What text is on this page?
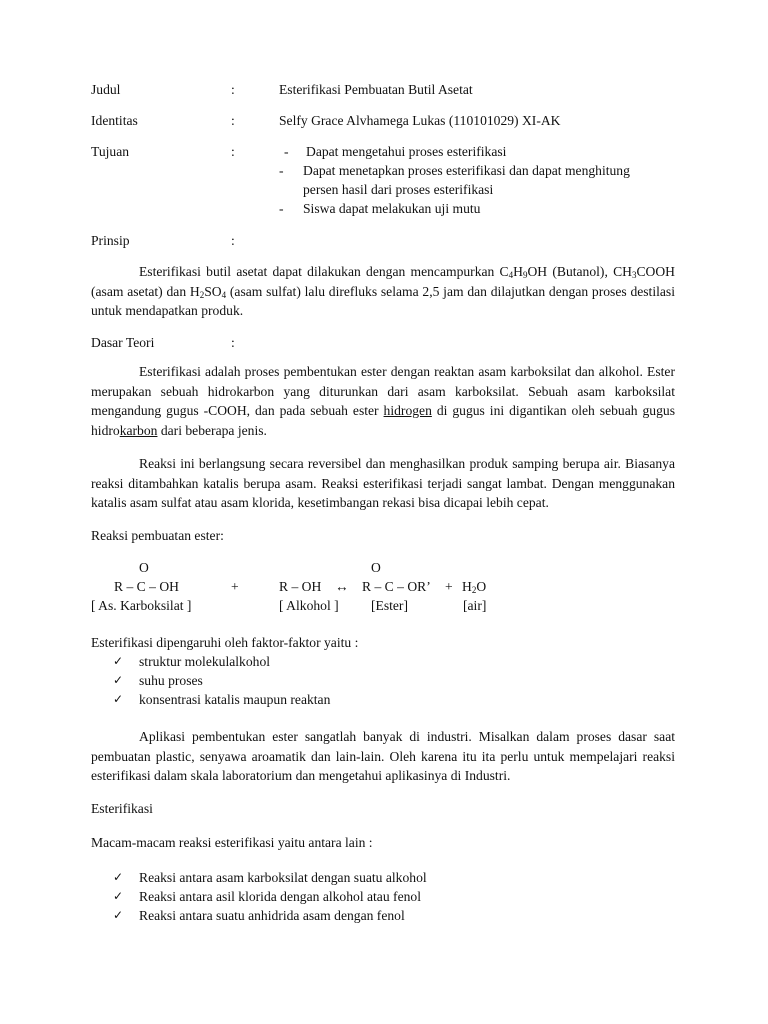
Judul	:	Esterifikasi Pembuatan Butil Asetat
Identitas	:	Selfy Grace Alvhamega Lukas (110101029) XI-AK
Tujuan	:	- Dapat mengetahui proses esterifikasi
- Dapat menetapkan proses esterifikasi dan dapat menghitung
persen hasil dari proses esterifikasi
- Siswa dapat melakukan uji mutu
Prinsip	:
Esterifikasi butil asetat dapat dilakukan dengan mencampurkan $C_4H_9OH$ (Butanol), $CH_3COOH$ (asam asetat) dan $H_2SO_4$ (asam sulfat) lalu direfluks selama 2,5 jam dan dilajutkan dengan proses destilasi untuk mendapatkan produk.
Dasar Teori	:
Esterifikasi adalah proses pembentukan ester dengan reaktan asam karboksilat dan alkohol. Ester merupakan sebuah hidrokarbon yang diturunkan dari asam karboksilat. Sebuah asam karboksilat mengandung gugus -COOH, dan pada sebuah ester hidrogen di gugus ini digantikan oleh sebuah gugus hidrokarbon dari beberapa jenis.
Reaksi ini berlangsung secara reversibel dan menghasilkan produk samping berupa air. Biasanya reaksi ditambahkan katalis berupa asam. Reaksi esterifikasi terjadi sangat lambat. Dengan menggunakan katalis asam sulfat atau asam klorida, kesetimbangan rekasi bisa dicapai lebih cepat.
Reaksi pembuatan ester:
O	O
R – C – OH	+	R – OH ↔ R – C – OR’ + $H_2O$
[ As. Karboksilat ]	[ Alkohol ] [Ester]	[air]
Esterifikasi dipengaruhi oleh faktor-faktor yaitu :
✓ struktur molekulalkohol
✓ suhu proses
✓ konsentrasi katalis maupun reaktan
Aplikasi pembentukan ester sangatlah banyak di industri. Misalkan dalam proses dasar saat pembuatan plastic, senyawa aroamatik dan lain-lain. Oleh karena itu ita perlu untuk mempelajari reaksi esterifikasi dalam skala laboratorium dan mengetahui aplikasinya di Industri.
Esterifikasi
Macam-macam reaksi esterifikasi yaitu antara lain :
✓ Reaksi antara asam karboksilat dengan suatu alkohol
✓ Reaksi antara asil klorida dengan alkohol atau fenol
✓ Reaksi antara suatu anhidrida asam dengan fenol
